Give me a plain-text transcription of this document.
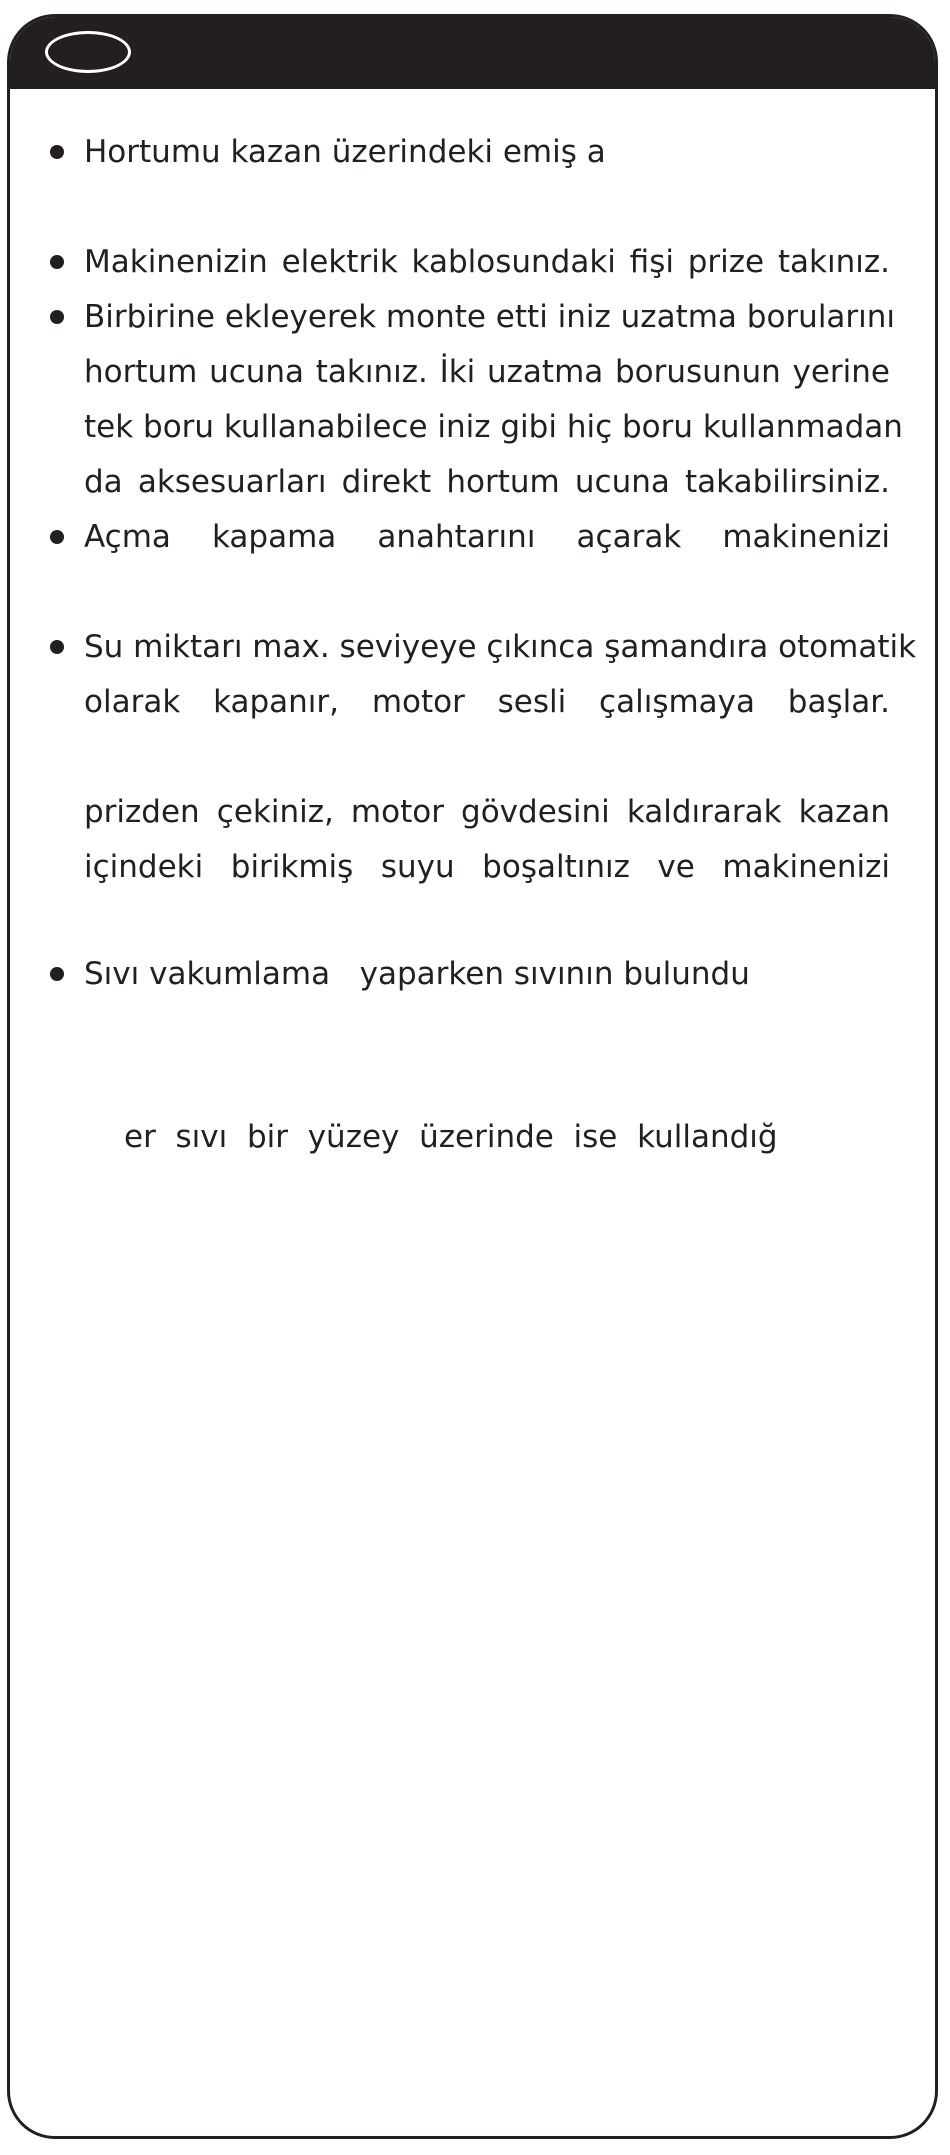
Hortumu kazan üzerindeki emiş a
Makinenizin elektrik kablosundaki fişi prize takınız.
Birbirine ekleyerek monte etti iniz uzatma borularını
hortum ucuna takınız. İki uzatma borusunun yerine
tek boru kullanabilece iniz gibi hiç boru kullanmadan
da aksesuarları direkt hortum ucuna takabilirsiniz.
Açma kapama anahtarını açarak makinenizi
Su miktarı max. seviyeye çıkınca şamandıra otomatik
olarak kapanır, motor sesli çalışmaya başlar.
prizden çekiniz, motor gövdesini kaldırarak kazan
içindeki birikmiş suyu boşaltınız ve makinenizi
Sıvı vakumlama   yaparken sıvının bulundu
er  sıvı  bir  yüzey  üzerinde  ise  kullandığ
